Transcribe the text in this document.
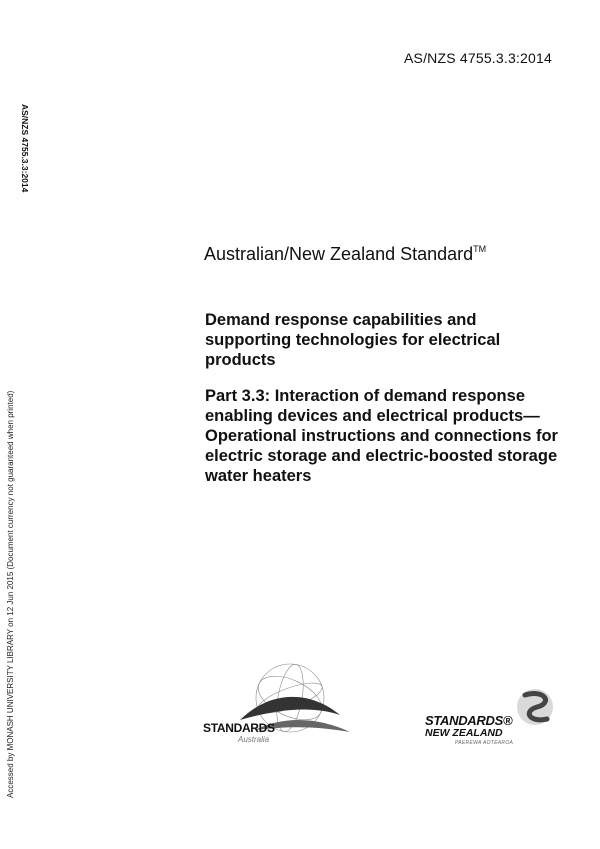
AS/NZS 4755.3.3:2014
AS/NZS 4755.3.3:2014
Accessed by MONASH UNIVERSITY LIBRARY on 12 Jun 2015 (Document currency not guaranteed when printed)
Australian/New Zealand Standard™
Demand response capabilities and supporting technologies for electrical products
Part 3.3: Interaction of demand response enabling devices and electrical products—Operational instructions and connections for electric storage and electric-boosted storage water heaters
STANDARDS
Australia
STANDARDS®
NEW ZEALAND
PAEREWA AOTEAROA
